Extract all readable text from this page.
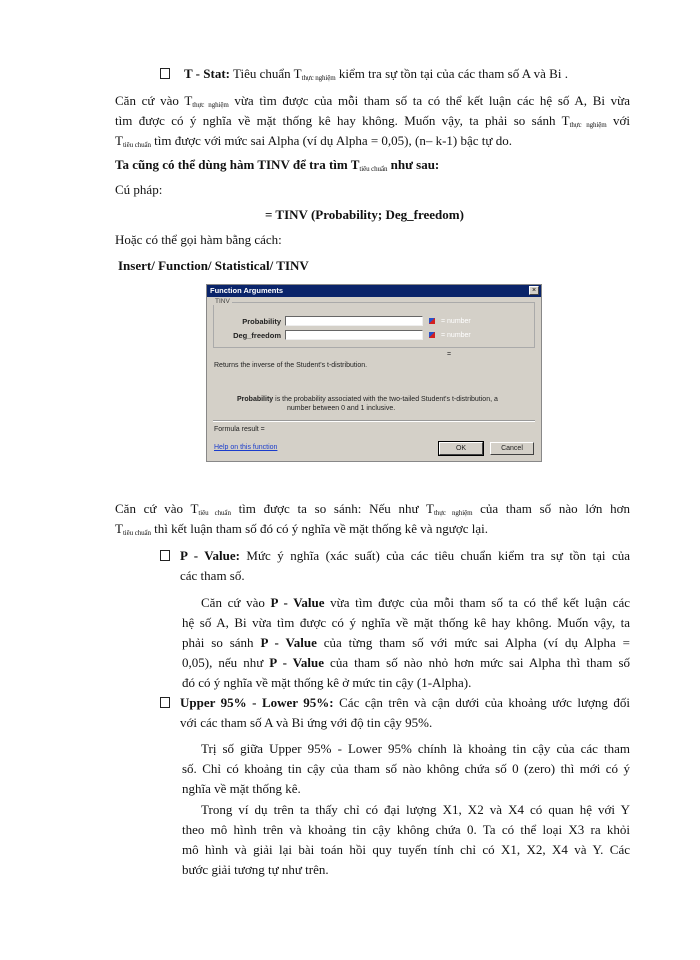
T - Stat: Tiêu chuẩn $T_{thực nghiệm}$ kiểm tra sự tồn tại của các tham số A và Bi .
Căn cứ vào $T_{thực nghiệm}$ vừa tìm được của mỗi tham số ta có thể kết luận các hệ số A, Bi vừa
tìm được có ý nghĩa về mặt thống kê hay không. Muốn vậy, ta phải so sánh $T_{thực nghiệm}$ với
$T_{tiêu chuẩn}$ tìm được với mức sai Alpha (ví dụ Alpha = 0,05), (n– k-1) bậc tự do.
Ta cũng có thể dùng hàm TINV để tra tìm $T_{tiêu chuẩn}$ như sau:
Cú pháp:
= TINV (Probability; Deg_freedom)
Hoặc có thể gọi hàm bằng cách:
Insert/ Function/ Statistical/ TINV
Function Arguments	×
TINV
Probability	= number
Deg_freedom	= number
=
Returns the inverse of the Student's t-distribution.
Probability is the probability associated with the two-tailed Student's t-distribution, a
number between 0 and 1 inclusive.
Formula result =
Help on this function	OK	Cancel
Căn cứ vào $T_{tiêu chuẩn}$ tìm được ta so sánh: Nếu như $T_{thực nghiệm}$ của tham số nào lớn hơn
$T_{tiêu chuẩn}$ thì kết luận tham số đó có ý nghĩa về mặt thống kê và ngược lại.
P - Value: Mức ý nghĩa (xác suất) của các tiêu chuẩn kiểm tra sự tồn tại của
các tham số.
Căn cứ vào P - Value vừa tìm được của mỗi tham số ta có thể kết luận các
hệ số A, Bi vừa tìm được có ý nghĩa về mặt thống kê hay không. Muốn vậy, ta
phải so sánh P - Value của từng tham số với mức sai Alpha (ví dụ Alpha =
0,05), nếu như P - Value của tham số nào nhỏ hơn mức sai Alpha thì tham số
đó có ý nghĩa về mặt thống kê ở mức tin cậy (1-Alpha).
Upper 95% - Lower 95%: Các cận trên và cận dưới của khoảng ước lượng đối
với các tham số A và Bi ứng với độ tin cậy 95%.
Trị số giữa Upper 95% - Lower 95% chính là khoảng tin cậy của các tham
số. Chỉ có khoảng tin cậy của tham số nào không chứa số 0 (zero) thì mới có ý
nghĩa về mặt thống kê.
Trong ví dụ trên ta thấy chỉ có đại lượng X1, X2 và X4 có quan hệ với Y
theo mô hình trên và khoảng tin cậy không chứa 0. Ta có thể loại X3 ra khỏi
mô hình và giải lại bài toán hồi quy tuyến tính chỉ có X1, X2, X4 và Y. Các
bước giải tương tự như trên.
